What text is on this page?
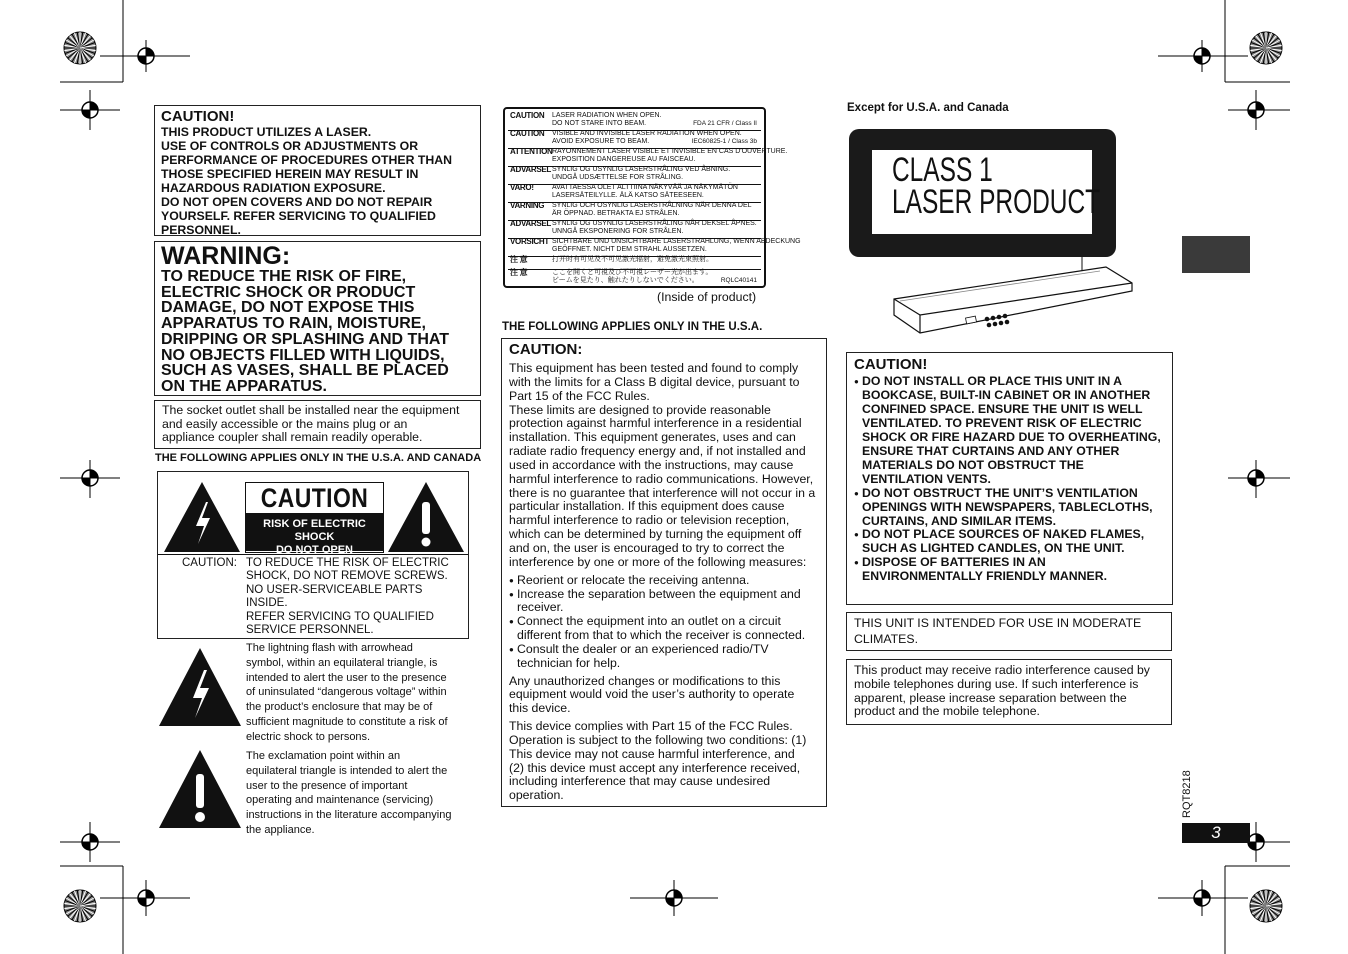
CAUTION!
THIS PRODUCT UTILIZES A LASER.
USE OF CONTROLS OR ADJUSTMENTS OR
PERFORMANCE OF PROCEDURES OTHER THAN
THOSE SPECIFIED HEREIN MAY RESULT IN
HAZARDOUS RADIATION EXPOSURE.
DO NOT OPEN COVERS AND DO NOT REPAIR
YOURSELF. REFER SERVICING TO QUALIFIED
PERSONNEL.
WARNING:
TO REDUCE THE RISK OF FIRE,
ELECTRIC SHOCK OR PRODUCT
DAMAGE, DO NOT EXPOSE THIS
APPARATUS TO RAIN, MOISTURE,
DRIPPING OR SPLASHING AND THAT
NO OBJECTS FILLED WITH LIQUIDS,
SUCH AS VASES, SHALL BE PLACED
ON THE APPARATUS.
The socket outlet shall be installed near the equipment
and easily accessible or the mains plug or an
appliance coupler shall remain readily operable.
THE FOLLOWING APPLIES ONLY IN THE U.S.A. AND CANADA
CAUTION
RISK OF ELECTRIC SHOCK
DO NOT OPEN
CAUTION: TO REDUCE THE RISK OF ELECTRIC
SHOCK, DO NOT REMOVE SCREWS.
NO USER-SERVICEABLE PARTS
INSIDE.
REFER SERVICING TO QUALIFIED
SERVICE PERSONNEL.
The lightning flash with arrowhead
symbol, within an equilateral triangle, is
intended to alert the user to the presence
of uninsulated “dangerous voltage” within
the product’s enclosure that may be of
sufficient magnitude to constitute a risk of
electric shock to persons.
The exclamation point within an
equilateral triangle is intended to alert the
user to the presence of important
operating and maintenance (servicing)
instructions in the literature accompanying
the appliance.
CAUTION LASER RADIATION WHEN OPEN.
DO NOT STARE INTO BEAM.	FDA 21 CFR / Class II
CAUTION VISIBLE AND INVISIBLE LASER RADIATION WHEN OPEN.
AVOID EXPOSURE TO BEAM.	IEC60825-1 / Class 3b
ATTENTION RAYONNEMENT LASER VISIBLE ET INVISIBLE EN CAS D'OUVERTURE.
EXPOSITION DANGEREUSE AU FAISCEAU.
ADVARSEL SYNLIG OG USYNLIG LASERSTRÅLING VED ÅBNING.
UNDGÅ UDSÆTTELSE FOR STRÅLING.
VARO!	AVATTAESSA OLET ALTTIINA NÄKYVÄÄ JA NÄKYMÄTÖN
LASERSÄTEILYLLE. ÄLÄ KATSO SÄTEESEEN.
VARNING SYNLIG OCH OSYNLIG LASERSTRÅLNING NÄR DENNA DEL
ÄR ÖPPNAD. BETRAKTA EJ STRÅLEN.
ADVARSEL SYNLIG OG USYNLIG LASERSTRÅLING NÅR DEKSEL ÅPNES.
UNNGÅ EKSPONERING FOR STRÅLEN.
VORSICHT SICHTBARE UND UNSICHTBARE LASERSTRAHLUNG, WENN ABDECKUNG
GEÖFFNET. NICHT DEM STRAHL AUSSETZEN.
注 意	打开时有可见及不可见激光辐射，避免激光束照射。
注 意	ここを開くと可視及び不可視レーザー光が出ます。
ビームを見たり、触れたりしないでください。	RQLC40141
(Inside of product)
THE FOLLOWING APPLIES ONLY IN THE U.S.A.
CAUTION:
This equipment has been tested and found to comply
with the limits for a Class B digital device, pursuant to
Part 15 of the FCC Rules.
These limits are designed to provide reasonable
protection against harmful interference in a residential
installation. This equipment generates, uses and can
radiate radio frequency energy and, if not installed and
used in accordance with the instructions, may cause
harmful interference to radio communications. However,
there is no guarantee that interference will not occur in a
particular installation. If this equipment does cause
harmful interference to radio or television reception,
which can be determined by turning the equipment off
and on, the user is encouraged to try to correct the
interference by one or more of the following measures:
● Reorient or relocate the receiving antenna.
● Increase the separation between the equipment and receiver.
● Connect the equipment into an outlet on a circuit different from that to which the receiver is connected.
● Consult the dealer or an experienced radio/TV technician for help.
Any unauthorized changes or modifications to this
equipment would void the user’s authority to operate
this device.
This device complies with Part 15 of the FCC Rules.
Operation is subject to the following two conditions: (1)
This device may not cause harmful interference, and
(2) this device must accept any interference received,
including interference that may cause undesired
operation.
Except for U.S.A. and Canada
CLASS 1
LASER PRODUCT
CAUTION!
● DO NOT INSTALL OR PLACE THIS UNIT IN A BOOKCASE, BUILT-IN CABINET OR IN ANOTHER CONFINED SPACE. ENSURE THE UNIT IS WELL VENTILATED. TO PREVENT RISK OF ELECTRIC SHOCK OR FIRE HAZARD DUE TO OVERHEATING, ENSURE THAT CURTAINS AND ANY OTHER MATERIALS DO NOT OBSTRUCT THE VENTILATION VENTS.
● DO NOT OBSTRUCT THE UNIT’S VENTILATION OPENINGS WITH NEWSPAPERS, TABLECLOTHS, CURTAINS, AND SIMILAR ITEMS.
● DO NOT PLACE SOURCES OF NAKED FLAMES, SUCH AS LIGHTED CANDLES, ON THE UNIT.
● DISPOSE OF BATTERIES IN AN ENVIRONMENTALLY FRIENDLY MANNER.
THIS UNIT IS INTENDED FOR USE IN MODERATE
CLIMATES.
This product may receive radio interference caused by
mobile telephones during use. If such interference is
apparent, please increase separation between the
product and the mobile telephone.
RQT8218
3
